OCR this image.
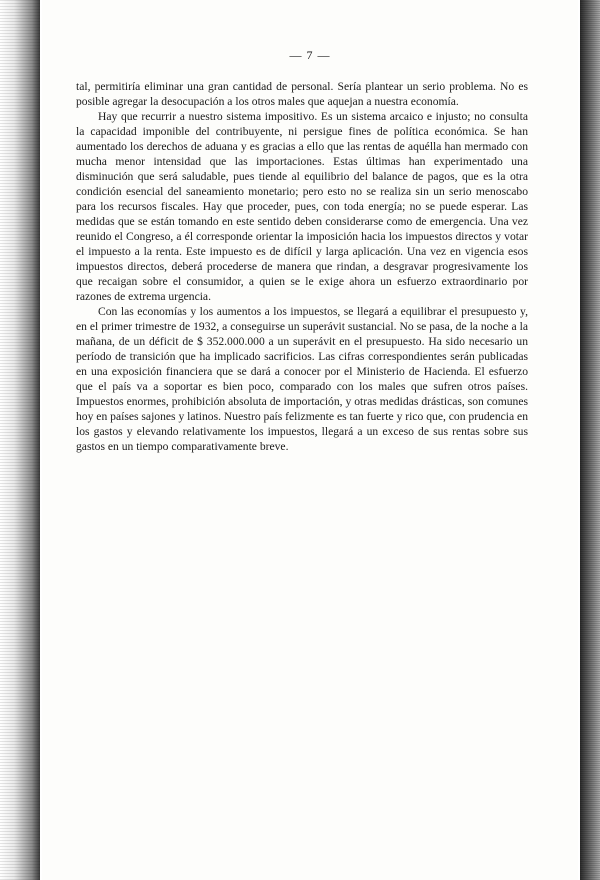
— 7 —

tal, permitiría eliminar una gran cantidad de personal. Sería plantear un serio problema. No es posible agregar la desocupación a los otros males que aquejan a nuestra economía.

Hay que recurrir a nuestro sistema impositivo. Es un sistema arcaico e injusto; no consulta la capacidad imponible del contribuyente, ni persigue fines de política económica. Se han aumentado los derechos de aduana y es gracias a ello que las rentas de aquélla han mermado con mucha menor intensidad que las importaciones. Estas últimas han experimentado una disminución que será saludable, pues tiende al equilibrio del balance de pagos, que es la otra condición esencial del saneamiento monetario; pero esto no se realiza sin un serio menoscabo para los recursos fiscales. Hay que proceder, pues, con toda energía; no se puede esperar. Las medidas que se están tomando en este sentido deben considerarse como de emergencia. Una vez reunido el Congreso, a él corresponde orientar la imposición hacia los impuestos directos y votar el impuesto a la renta. Este impuesto es de difícil y larga aplicación. Una vez en vigencia esos impuestos directos, deberá procederse de manera que rindan, a desgravar progresivamente los que recaigan sobre el consumidor, a quien se le exige ahora un esfuerzo extraordinario por razones de extrema urgencia.

Con las economías y los aumentos a los impuestos, se llegará a equilibrar el presupuesto y, en el primer trimestre de 1932, a conseguirse un superávit sustancial. No se pasa, de la noche a la mañana, de un déficit de $ 352.000.000 a un superávit en el presupuesto. Ha sido necesario un período de transición que ha implicado sacrificios. Las cifras correspondientes serán publicadas en una exposición financiera que se dará a conocer por el Ministerio de Hacienda. El esfuerzo que el país va a soportar es bien poco, comparado con los males que sufren otros países. Impuestos enormes, prohibición absoluta de importación, y otras medidas drásticas, son comunes hoy en países sajones y latinos. Nuestro país felizmente es tan fuerte y rico que, con prudencia en los gastos y elevando relativamente los impuestos, llegará a un exceso de sus rentas sobre sus gastos en un tiempo comparativamente breve.
